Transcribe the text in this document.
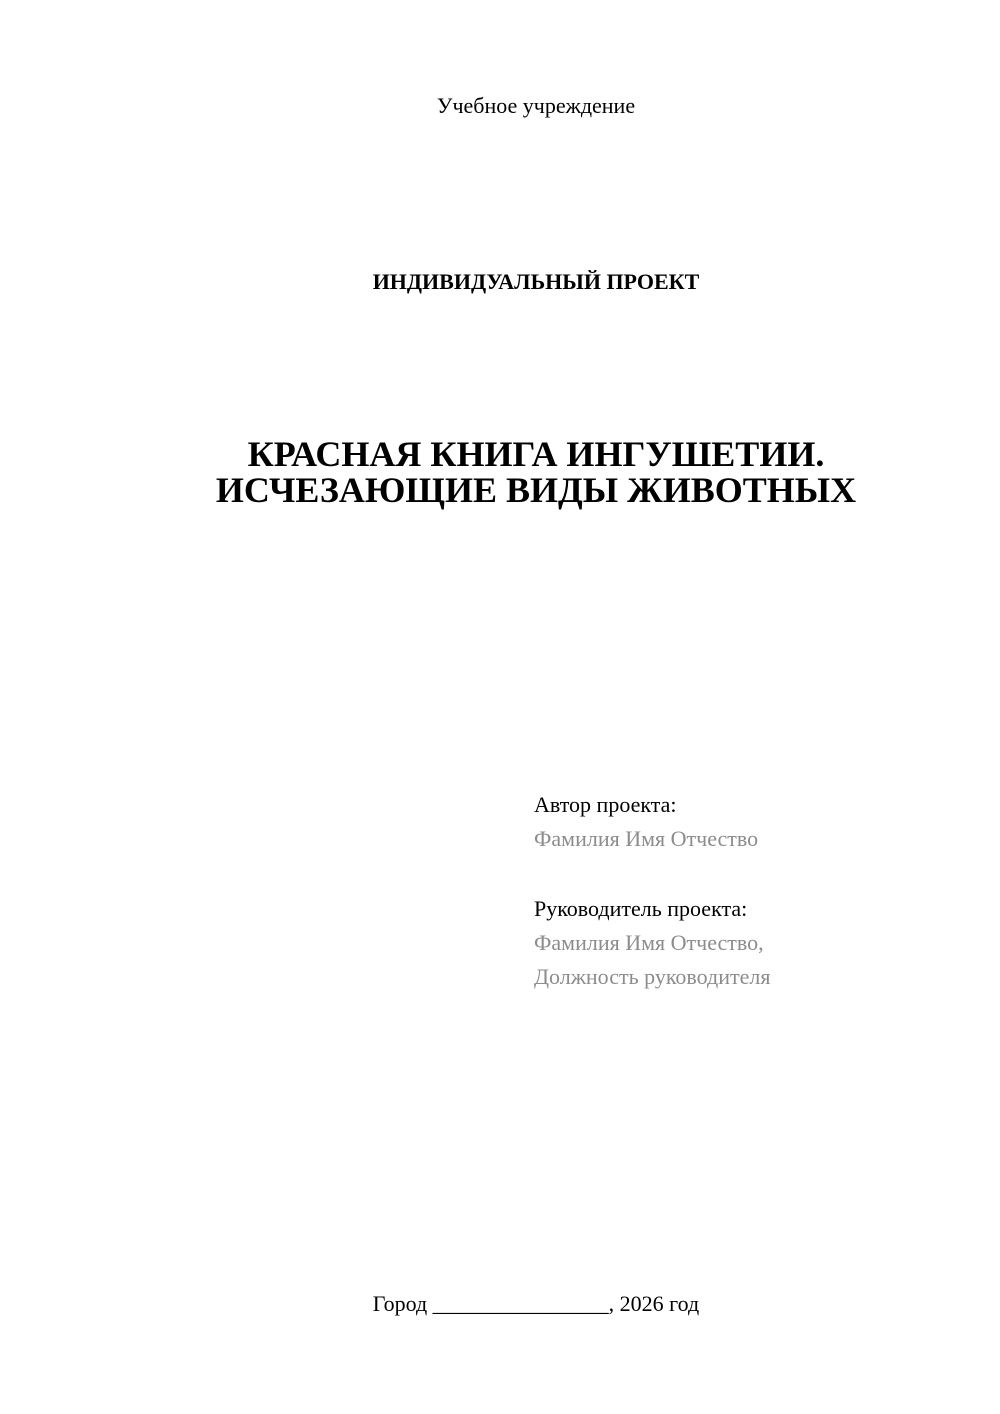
Учебное учреждение
ИНДИВИДУАЛЬНЫЙ ПРОЕКТ
КРАСНАЯ КНИГА ИНГУШЕТИИ.
ИСЧЕЗАЮЩИЕ ВИДЫ ЖИВОТНЫХ
Автор проекта:
Фамилия Имя Отчество
Руководитель проекта:
Фамилия Имя Отчество,
Должность руководителя
Город ________________, 2026 год
